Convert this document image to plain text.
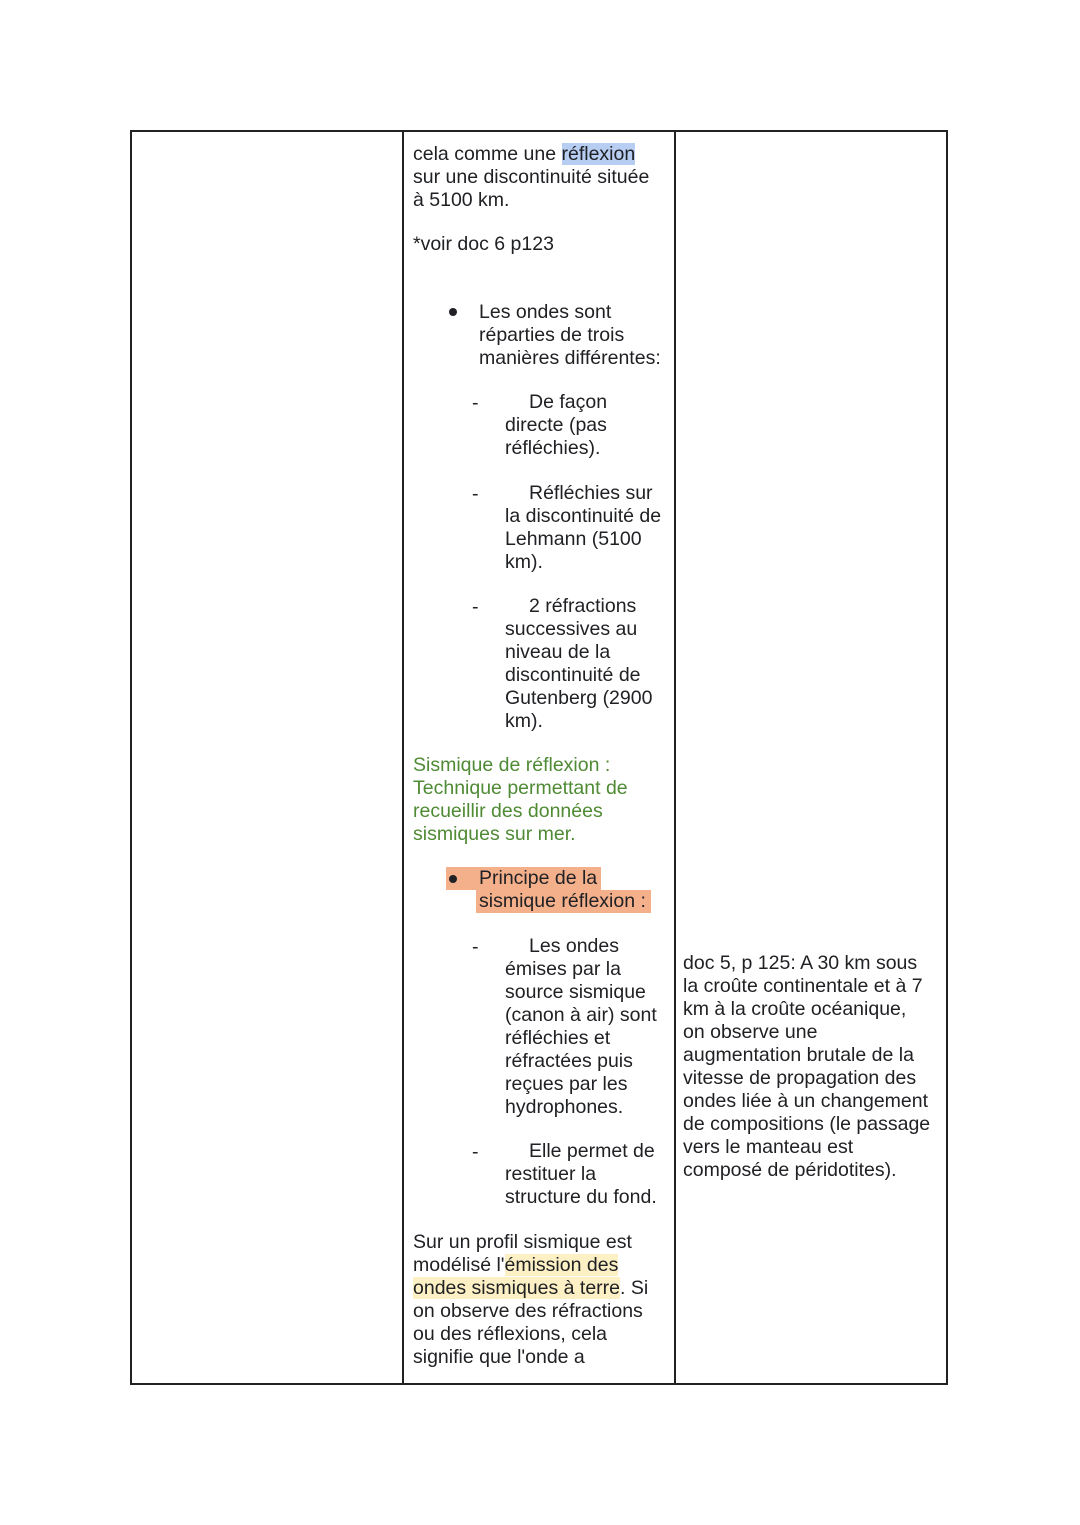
cela comme une réflexion
sur une discontinuité située
à 5100 km.
*voir doc 6 p123
Les ondes sont
réparties de trois
manières différentes:
-	De façon
directe (pas
réfléchies).
-	Réfléchies sur
la discontinuité de
Lehmann (5100
km).
-	2 réfractions
successives au
niveau de la
discontinuité de
Gutenberg (2900
km).
Sismique de réflexion :
Technique permettant de
recueillir des données
sismiques sur mer.
Principe de la
sismique réflexion :
-	Les ondes
émises par la
source sismique
(canon à air) sont
réfléchies et
réfractées puis
reçues par les
hydrophones.
-	Elle permet de
restituer la
structure du fond.
Sur un profil sismique est
modélisé l'émission des
ondes sismiques à terre. Si
on observe des réfractions
ou des réflexions, cela
signifie que l'onde a
doc 5, p 125: A 30 km sous
la croûte continentale et à 7
km à la croûte océanique,
on observe une
augmentation brutale de la
vitesse de propagation des
ondes liée à un changement
de compositions (le passage
vers le manteau est
composé de péridotites).
